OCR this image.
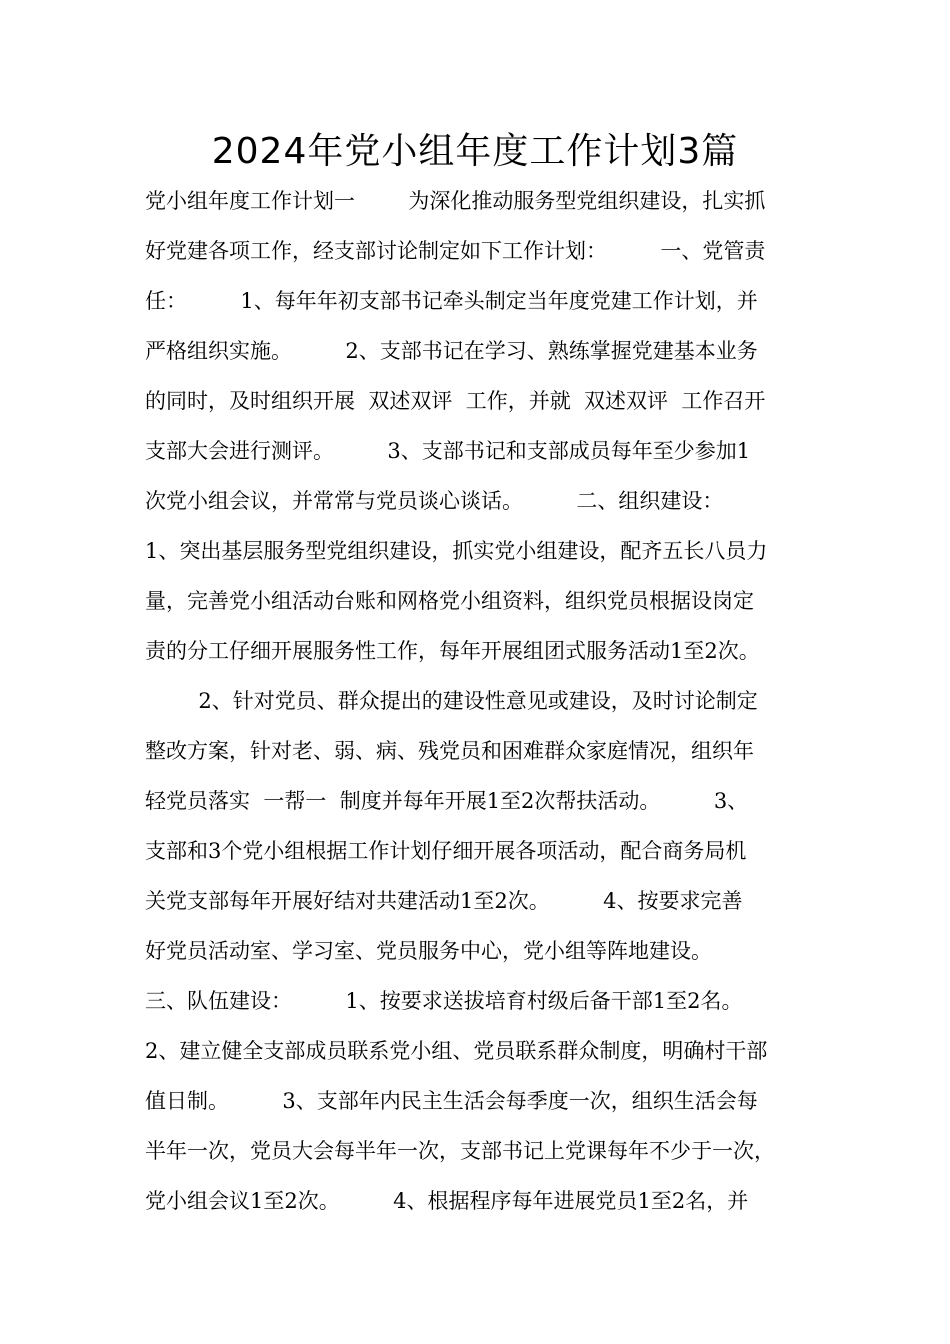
2024年党小组年度工作计划3篇
党小组年度工作计划一        为深化推动服务型党组织建设，扎实抓
好党建各项工作，经支部讨论制定如下工作计划：        一、党管责
任：        1、每年年初支部书记牵头制定当年度党建工作计划，并
严格组织实施。        2、支部书记在学习、熟练掌握党建基本业务
的同时，及时组织开展  双述双评  工作，并就  双述双评  工作召开
支部大会进行测评。        3、支部书记和支部成员每年至少参加1
次党小组会议，并常常与党员谈心谈话。        二、组织建设：
1、突出基层服务型党组织建设，抓实党小组建设，配齐五长八员力
量，完善党小组活动台账和网格党小组资料，组织党员根据设岗定
责的分工仔细开展服务性工作，每年开展组团式服务活动1至2次。
2、针对党员、群众提出的建设性意见或建设，及时讨论制定
整改方案，针对老、弱、病、残党员和困难群众家庭情况，组织年
轻党员落实  一帮一  制度并每年开展1至2次帮扶活动。        3、
支部和3个党小组根据工作计划仔细开展各项活动，配合商务局机
关党支部每年开展好结对共建活动1至2次。        4、按要求完善
好党员活动室、学习室、党员服务中心，党小组等阵地建设。
三、队伍建设：        1、按要求送拔培育村级后备干部1至2名。
2、建立健全支部成员联系党小组、党员联系群众制度，明确村干部
值日制。        3、支部年内民主生活会每季度一次，组织生活会每
半年一次，党员大会每半年一次，支部书记上党课每年不少于一次，
党小组会议1至2次。        4、根据程序每年进展党员1至2名，并
